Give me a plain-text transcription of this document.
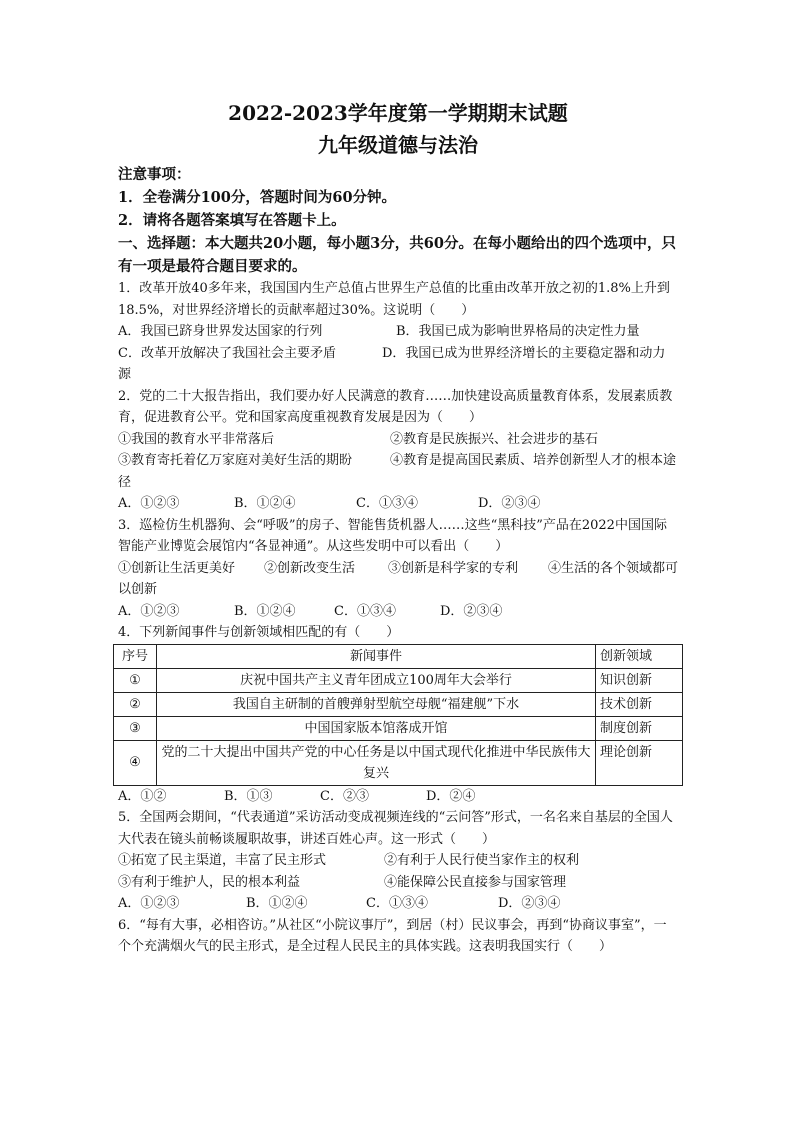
2022-2023学年度第一学期期末试题
九年级道德与法治
注意事项：
1．全卷满分100分，答题时间为60分钟。
2．请将各题答案填写在答题卡上。
一、选择题：本大题共20小题，每小题3分，共60分。在每小题给出的四个选项中，只有一项是最符合题目要求的。
1．改革开放40多年来，我国国内生产总值占世界生产总值的比重由改革开放之初的1.8%上升到18.5%，对世界经济增长的贡献率超过30%。这说明（　　）
A．我国已跻身世界发达国家的行列	B．我国已成为影响世界格局的决定性力量
C．改革开放解决了我国社会主要矛盾	D．我国已成为世界经济增长的主要稳定器和动力源
2．党的二十大报告指出，我们要办好人民满意的教育……加快建设高质量教育体系，发展素质教育，促进教育公平。党和国家高度重视教育发展是因为（　　）
①我国的教育水平非常落后	②教育是民族振兴、社会进步的基石
③教育寄托着亿万家庭对美好生活的期盼	④教育是提高国民素质、培养创新型人才的根本途径
A．①②③	B．①②④	C．①③④	D．②③④
3．巡检仿生机器狗、会“呼吸”的房子、智能售货机器人……这些“黑科技”产品在2022中国国际智能产业博览会展馆内“各显神通”。从这些发明中可以看出（　　）
①创新让生活更美好 ②创新改变生活	③创新是科学家的专利 ④生活的各个领域都可以创新
A．①②③	B．①②④	C．①③④	D．②③④
4．下列新闻事件与创新领域相匹配的有（　　）
序号	新闻事件	创新领域
①	庆祝中国共产主义青年团成立100周年大会举行	知识创新
②	我国自主研制的首艘弹射型航空母舰“福建舰”下水	技术创新
③	中国国家版本馆落成开馆	制度创新
④	党的二十大提出中国共产党的中心任务是以中国式现代化推进中华民族伟大复兴	理论创新
A．①②	B．①③	C．②③	D．②④
5．全国两会期间，“代表通道”采访活动变成视频连线的“云问答”形式，一名名来自基层的全国人大代表在镜头前畅谈履职故事，讲述百姓心声。这一形式（　　）
①拓宽了民主渠道，丰富了民主形式	②有利于人民行使当家作主的权利
③有利于维护人，民的根本利益	④能保障公民直接参与国家管理
A．①②③	B．①②④	C．①③④	D．②③④
6．“每有大事，必相咨访。”从社区“小院议事厅”，到居（村）民议事会，再到“协商议事室”，一个个充满烟火气的民主形式，是全过程人民民主的具体实践。这表明我国实行（　　）
